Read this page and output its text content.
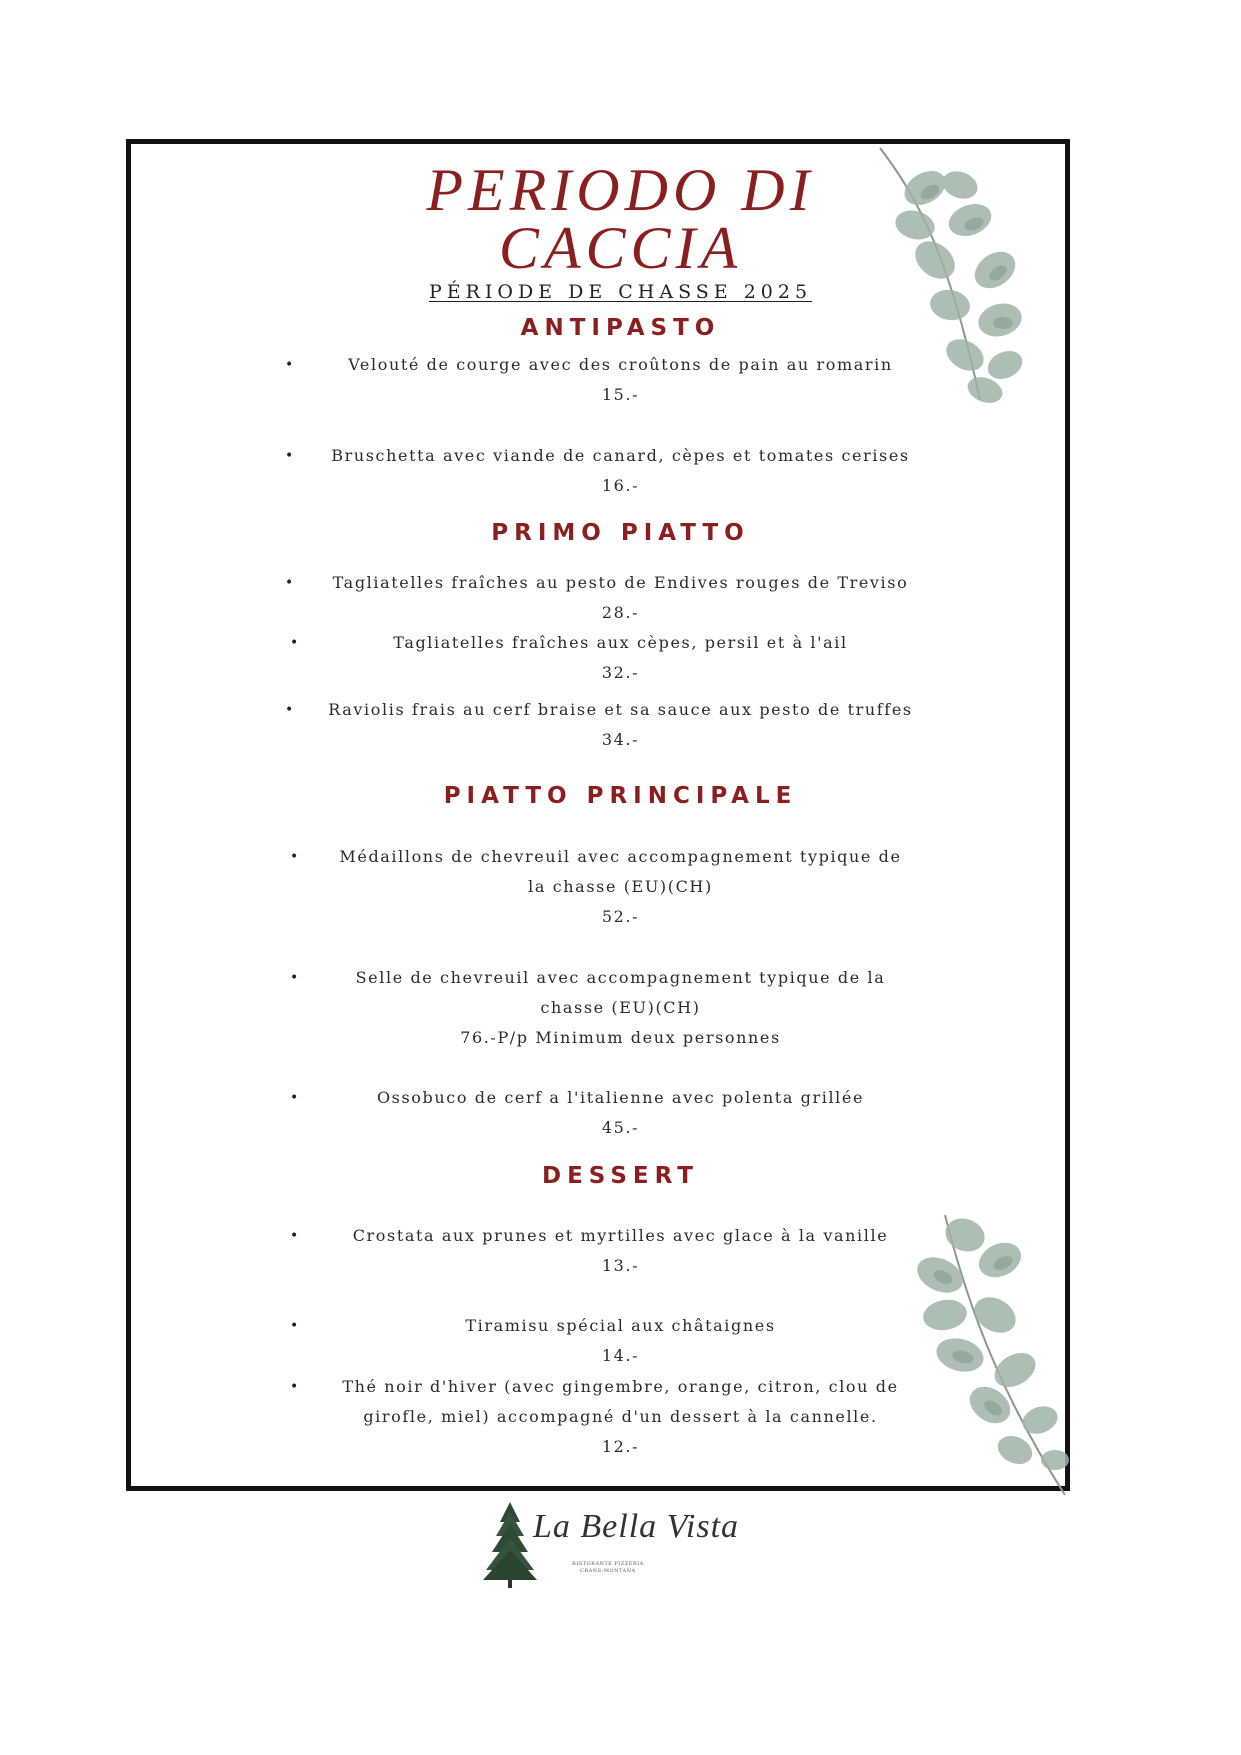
PERIODO DI
CACCIA
PÉRIODE DE CHASSE 2025
ANTIPASTO
•	Velouté de courge avec des croûtons de pain au romarin
15.-
•	Bruschetta avec viande de canard, cèpes et tomates cerises
16.-
PRIMO PIATTO
•	Tagliatelles fraîches au pesto de Endives rouges de Treviso
28.-
•	Tagliatelles fraîches aux cèpes, persil et à l'ail
32.-
•	Raviolis frais au cerf braise et sa sauce aux pesto de truffes
34.-
PIATTO PRINCIPALE
•	Médaillons de chevreuil avec accompagnement typique de
la chasse (EU)(CH)
52.-
•	Selle de chevreuil avec accompagnement typique de la
chasse (EU)(CH)
76.-P/p Minimum deux personnes
•	Ossobuco de cerf a l'italienne avec polenta grillée
45.-
DESSERT
•	Crostata aux prunes et myrtilles avec glace à la vanille
13.-
•	Tiramisu spécial aux châtaignes
14.-
•	Thé noir d'hiver (avec gingembre, orange, citron, clou de
girofle, miel) accompagné d'un dessert à la cannelle.
12.-
La Bella Vista
RISTORANTE PIZZERIA
CRANS-MONTANA
